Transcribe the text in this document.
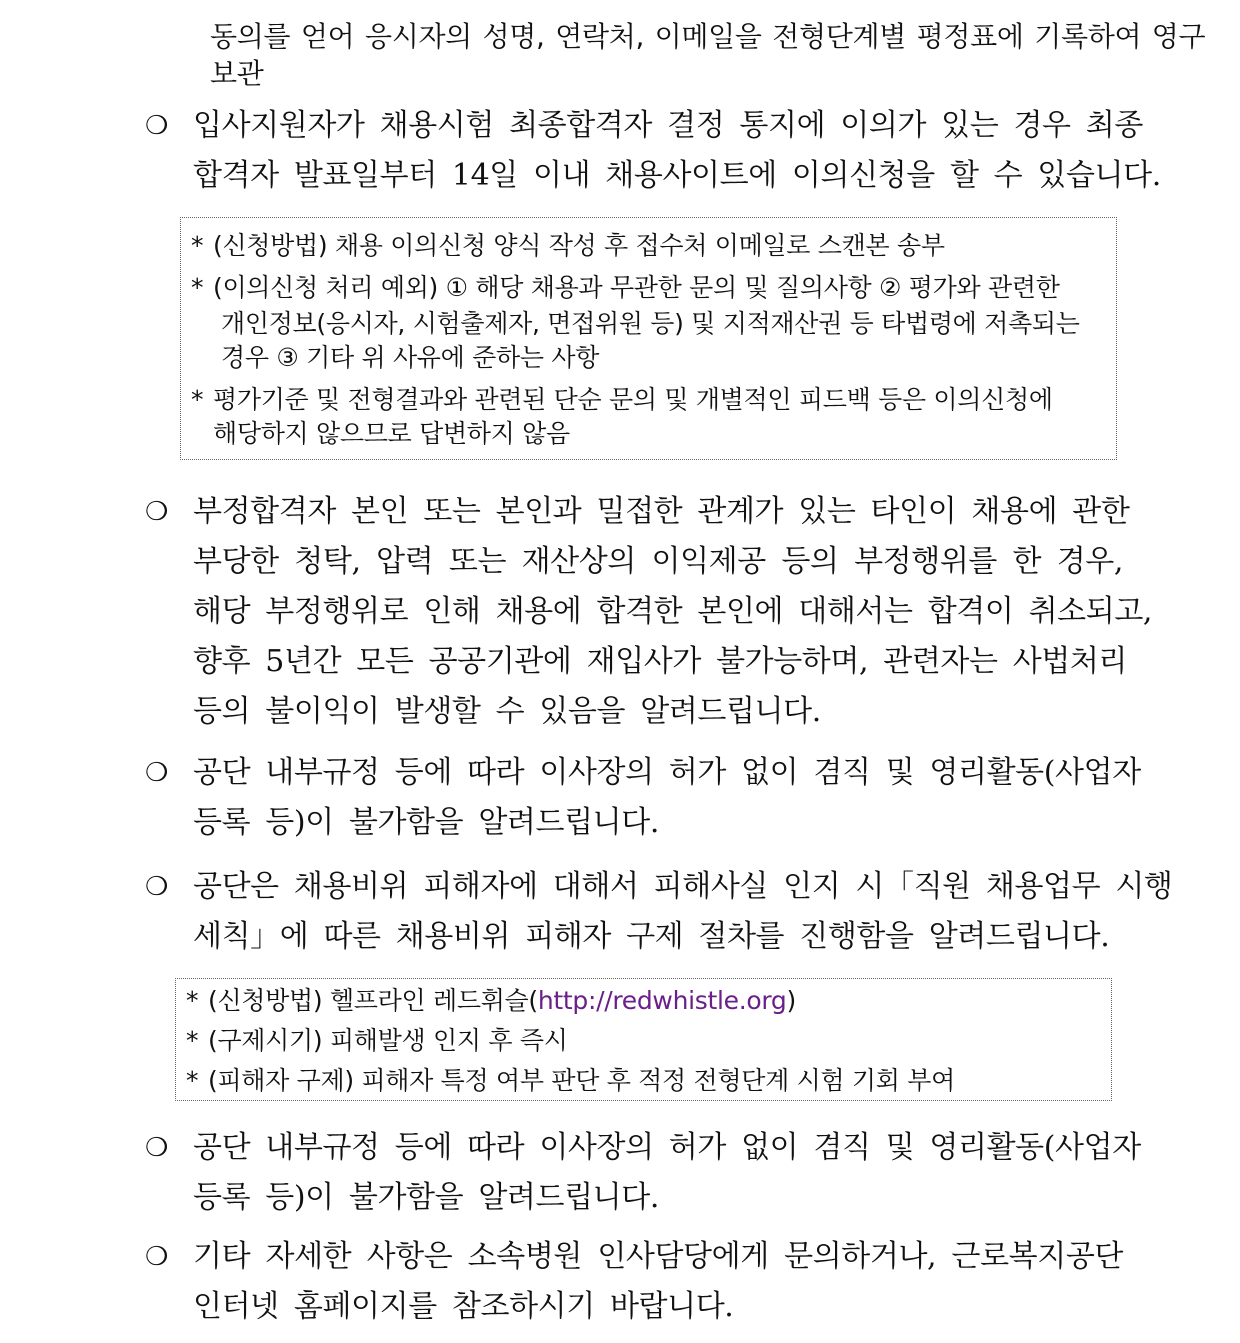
동의를 얻어 응시자의 성명, 연락처, 이메일을 전형단계별 평정표에 기록하여 영구
보관
❍ 입사지원자가 채용시험 최종합격자 결정 통지에 이의가 있는 경우 최종
합격자 발표일부터 14일 이내 채용사이트에 이의신청을 할 수 있습니다.
* (신청방법) 채용 이의신청 양식 작성 후 접수처 이메일로 스캔본 송부
* (이의신청 처리 예외) ① 해당 채용과 무관한 문의 및 질의사항 ② 평가와 관련한
개인정보(응시자, 시험출제자, 면접위원 등) 및 지적재산권 등 타법령에 저촉되는
경우 ③ 기타 위 사유에 준하는 사항
* 평가기준 및 전형결과와 관련된 단순 문의 및 개별적인 피드백 등은 이의신청에
해당하지 않으므로 답변하지 않음
❍ 부정합격자 본인 또는 본인과 밀접한 관계가 있는 타인이 채용에 관한
부당한 청탁, 압력 또는 재산상의 이익제공 등의 부정행위를 한 경우,
해당 부정행위로 인해 채용에 합격한 본인에 대해서는 합격이 취소되고,
향후 5년간 모든 공공기관에 재입사가 불가능하며, 관련자는 사법처리
등의 불이익이 발생할 수 있음을 알려드립니다.
❍ 공단 내부규정 등에 따라 이사장의 허가 없이 겸직 및 영리활동(사업자
등록 등)이 불가함을 알려드립니다.
❍ 공단은 채용비위 피해자에 대해서 피해사실 인지 시「직원 채용업무 시행
세칙」에 따른 채용비위 피해자 구제 절차를 진행함을 알려드립니다.
* (신청방법) 헬프라인 레드휘슬(http://redwhistle.org)
* (구제시기) 피해발생 인지 후 즉시
* (피해자 구제) 피해자 특정 여부 판단 후 적정 전형단계 시험 기회 부여
❍ 공단 내부규정 등에 따라 이사장의 허가 없이 겸직 및 영리활동(사업자
등록 등)이 불가함을 알려드립니다.
❍ 기타 자세한 사항은 소속병원 인사담당에게 문의하거나, 근로복지공단
인터넷 홈페이지를 참조하시기 바랍니다.
